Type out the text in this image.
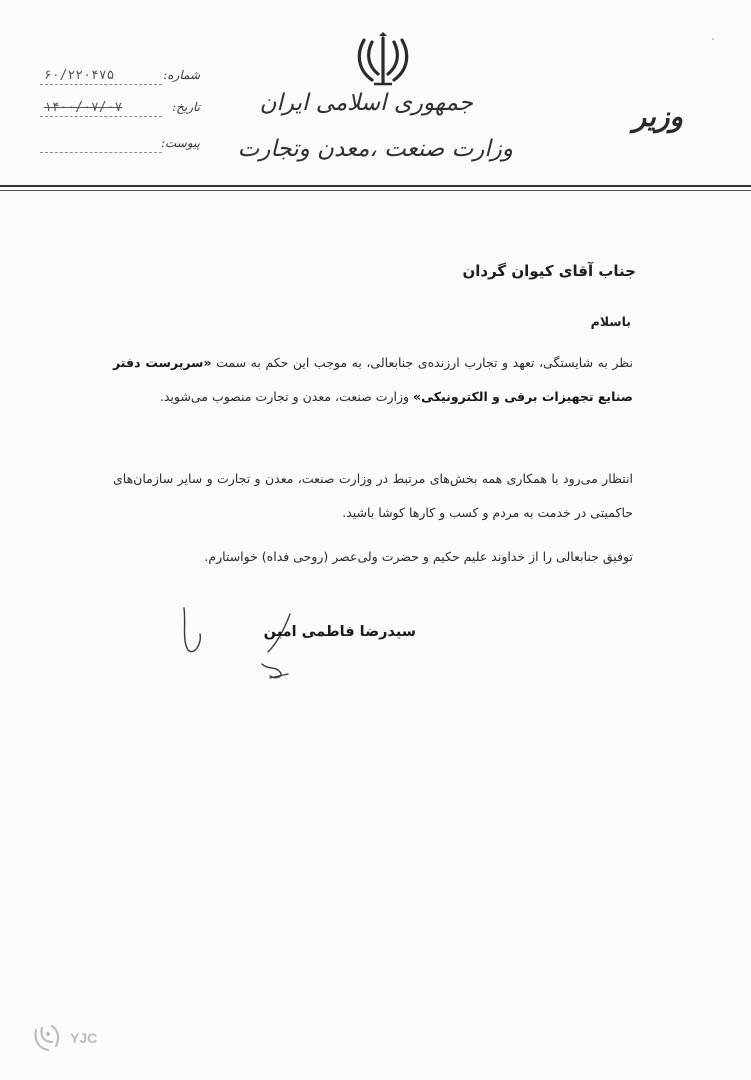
جمهوری اسلامی ایران
وزارت صنعت ،معدن وتجارت
وزیر
شماره:
۶۰/۲۲۰۴۷۵
تاریخ:
۱۴۰۰/۰۷/۰۷
پیوست:
جناب آقای کیوان گردان
باسلام
نظر به شایستگی، تعهد و تجارب ارزنده‌ی جنابعالی، به موجب این حکم به سمت «سرپرست دفتر صنایع تجهیزات برقی و الکترونیکی» وزارت صنعت، معدن و تجارت منصوب می‌شوید.
انتظار می‌رود با همکاری همه بخش‌های مرتبط در وزارت صنعت، معدن و تجارت و سایر سازمان‌های حاکمیتی در خدمت به مردم و کسب و کارها کوشا باشید.
توفیق جنابعالی را از خداوند علیم حکیم و حضرت ولی‌عصر (روحی فداه) خواستارم.
سیدرضا فاطمی امین
YJC
